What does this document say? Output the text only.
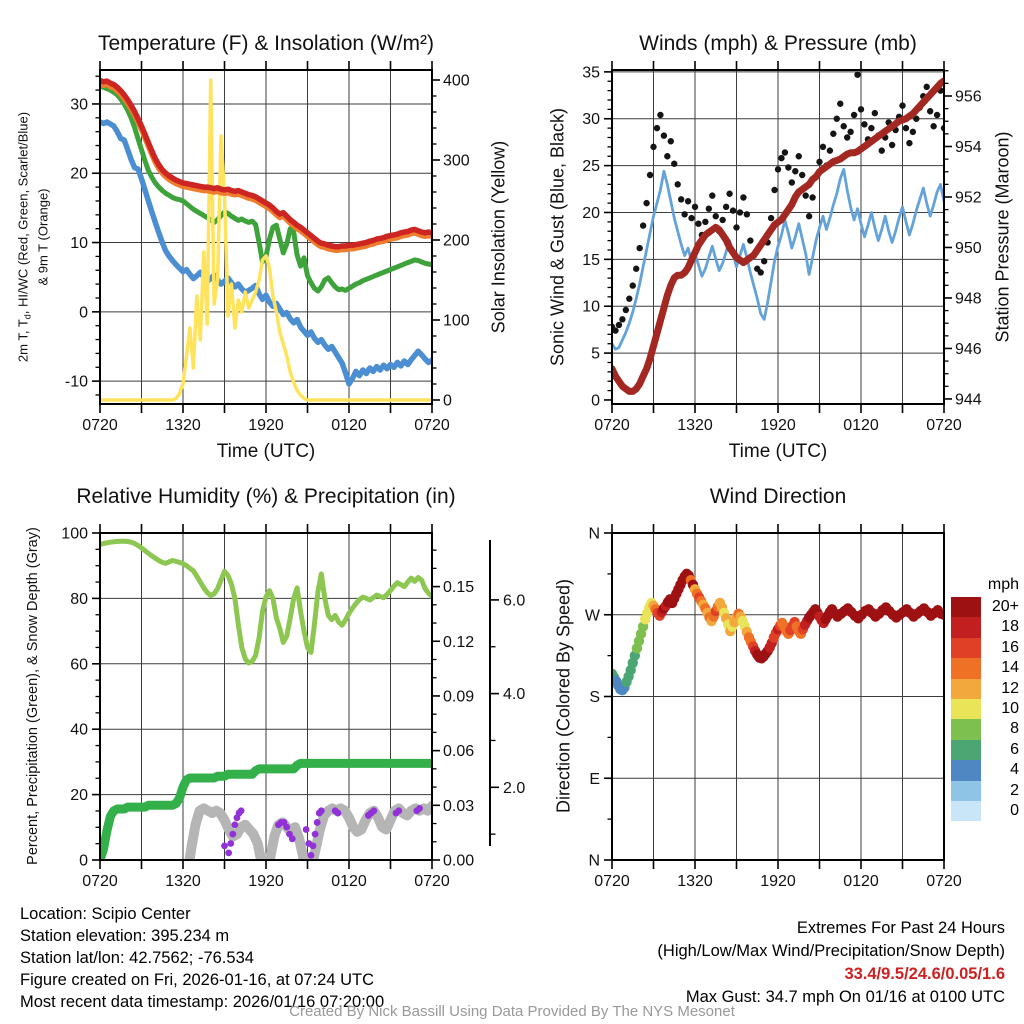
0720	1320	1920	0120	0720
30
20
10
0
-10
400
300
200
100
0
0720	1320	1920	0120	0720
35
30
25
20
15
10
5
0
956
954
952
950
948
946
944
0720	1320	1920	0120	0720
100
80
60
40
20
0
0.15
0.12
0.09
0.06
0.03
0.00
6.0
4.0
2.0
0720	1320	1920	0120	0720
N
W
S
E
N
Temperature (F) & Insolation (W/m²)	Winds (mph) & Pressure (mb)
Relative Humidity (%) & Precipitation (in)	Wind Direction
Time (UTC)	Time (UTC)
2m T, $T_d$, HI/WC (Red, Green, Scarlet/Blue) & 9m T (Orange)	Solar Insolation (Yellow) Sonic Wind & Gust (Blue, Black)	Station Pressure (Maroon)
Percent, Precipitation (Green), & Snow Depth (Gray)	Direction (Colored By Speed)	mph
20+
18
16
14
12
10
8
6
4
2
0
Location: Scipio Center
Station elevation: 395.234 m
Station lat/lon: 42.7562; -76.534
Figure created on Fri, 2026-01-16, at 07:24 UTC
Most recent data timestamp: 2026/01/16 07:20:00
Extremes For Past 24 Hours
(High/Low/Max Wind/Precipitation/Snow Depth)
33.4/9.5/24.6/0.05/1.6
Max Gust: 34.7 mph On 01/16 at 0100 UTC
Created By Nick Bassill Using Data Provided By The NYS Mesonet
